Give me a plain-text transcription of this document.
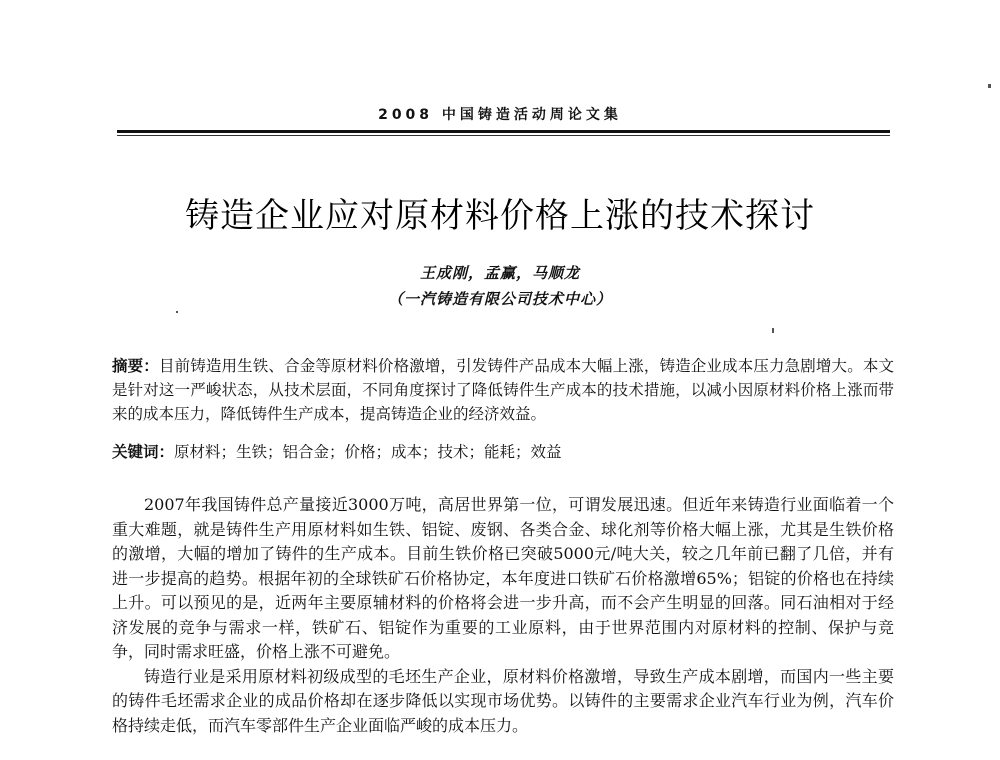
2008 中国铸造活动周论文集
铸造企业应对原材料价格上涨的技术探讨
王成刚，孟赢，马顺龙
（一汽铸造有限公司技术中心）
摘要：目前铸造用生铁、合金等原材料价格激增，引发铸件产品成本大幅上涨，铸造企业成本压力急剧增大。本文是针对这一严峻状态，从技术层面，不同角度探讨了降低铸件生产成本的技术措施，以减小因原材料价格上涨而带来的成本压力，降低铸件生产成本，提高铸造企业的经济效益。
关键词：原材料；生铁；铝合金；价格；成本；技术；能耗；效益

2007年我国铸件总产量接近3000万吨，高居世界第一位，可谓发展迅速。但近年来铸造行业面临着一个重大难题，就是铸件生产用原材料如生铁、铝锭、废钢、各类合金、球化剂等价格大幅上涨，尤其是生铁价格的激增，大幅的增加了铸件的生产成本。目前生铁价格已突破5000元/吨大关，较之几年前已翻了几倍，并有进一步提高的趋势。根据年初的全球铁矿石价格协定，本年度进口铁矿石价格激增65%；铝锭的价格也在持续上升。可以预见的是，近两年主要原辅材料的价格将会进一步升高，而不会产生明显的回落。同石油相对于经济发展的竞争与需求一样，铁矿石、铝锭作为重要的工业原料，由于世界范围内对原材料的控制、保护与竞争，同时需求旺盛，价格上涨不可避免。

铸造行业是采用原材料初级成型的毛坯生产企业，原材料价格激增，导致生产成本剧增，而国内一些主要的铸件毛坯需求企业的成品价格却在逐步降低以实现市场优势。以铸件的主要需求企业汽车行业为例，汽车价格持续走低，而汽车零部件生产企业面临严峻的成本压力。
